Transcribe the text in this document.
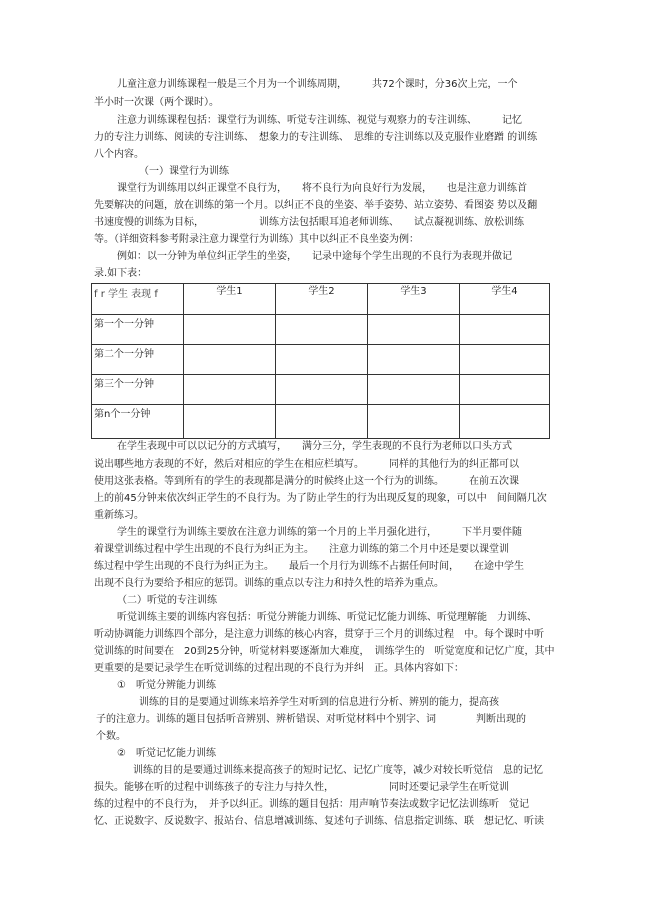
儿童注意力训练课程一般是三个月为一个训练周期，　　　共72个课时，分36次上完，一个

半小时一次课（两个课时）。

注意力训练课程包括：课堂行为训练、听觉专注训练、视觉与观察力的专注训练、　　　记忆

力的专注力训练、阅读的专注训练、　想象力的专注训练、　思维的专注训练以及克服作业磨蹭 的训练

八个内容。

（一）课堂行为训练

课堂行为训练用以纠正课堂不良行为，　　将不良行为向良好行为发展，　　也是注意力训练首

先要解决的问题，放在训练的第一个月。以纠正不良的坐姿、举手姿势、站立姿势、看图姿 势以及翻

书速度慢的训练为目标，　　　　　　训练方法包括眼耳追老师训练、　　试点凝视训练、放松训练

等。（详细资料参考附录注意力课堂行为训练）其中以纠正不良坐姿为例：

例如：以一分钟为单位纠正学生的坐姿，　　记录中途每个学生出现的不良行为表现并做记

录.如下表：

f r 学生 表现 f	学生1	学生2	学生3	学生4
第一个一分钟				
第二个一分钟				
第三个一分钟				
第n个一分钟				

在学生表现中可以以记分的方式填写，　　满分三分，学生表现的不良行为老师以口头方式

说出哪些地方表现的不好，然后对相应的学生在相应栏填写。　　　同样的其他行为的纠正都可以

使用这张表格。等到所有的学生的表现都是满分的时候终止这一个行为的训练。　　　在前五次课

上的前45分钟来依次纠正学生的不良行为。为了防止学生的行为出现反复的现象，可以中　间间隔几次

重新练习。

学生的课堂行为训练主要放在注意力训练的第一个月的上半月强化进行，　　　下半月要伴随

着课堂训练过程中学生出现的不良行为纠正为主。　　注意力训练的第二个月中还是要以课堂训

练过程中学生出现的不良行为纠正为主。　　最后一个月行为训练不占据任何时间，　　在途中学生

出现不良行为要给予相应的惩罚。训练的重点以专注力和持久性的培养为重点。

（二）听觉的专注训练

听觉训练主要的训练内容包括：听觉分辨能力训练、听觉记忆能力训练、听觉理解能　力训练、

听动协调能力训练四个部分，是注意力训练的核心内容，贯穿于三个月的训练过程　中。每个课时中听

觉训练的时间要在　20到25分钟，听觉材料要逐渐加大难度，　训练学生的　听觉宽度和记忆广度，其中

更重要的是要记录学生在听觉训练的过程出现的不良行为并纠　正。具体内容如下：

①　听觉分辨能力训练

训练的目的是要通过训练来培养学生对听到的信息进行分析、辨别的能力，提高孩

子的注意力。训练的题目包括听音辨别、辨析错误、对听觉材料中个别字、词　　　　判断出现的

个数。

②　听觉记忆能力训练

训练的目的是要通过训练来提高孩子的短时记忆、记忆广度等，减少对较长听觉信　息的记忆

损失。能够在听的过程中训练孩子的专注力与持久性，　　　　　　同时还要记录学生在听觉训

练的过程中的不良行为，　并予以纠正。训练的题目包括：用声响节奏法或数字记忆法训练听　觉记

忆、正说数字、反说数字、报站台、信息增减训练、复述句子训练、信息指定训练、联　想记忆、听读
